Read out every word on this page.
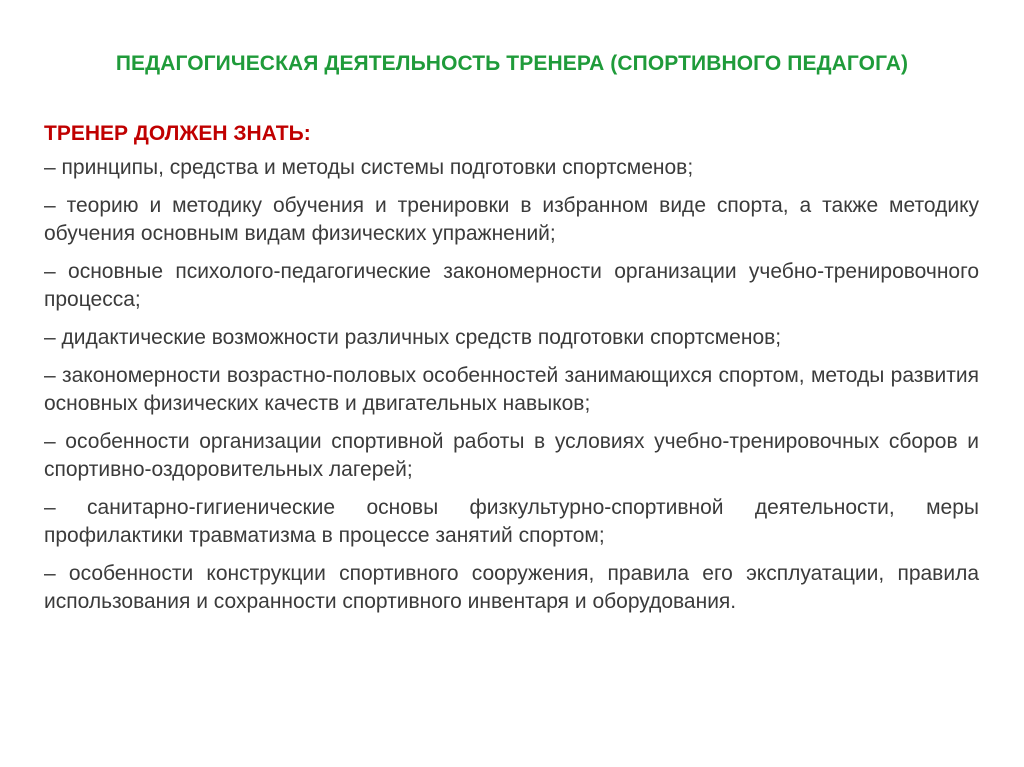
ПЕДАГОГИЧЕСКАЯ ДЕЯТЕЛЬНОСТЬ ТРЕНЕРА (СПОРТИВНОГО ПЕДАГОГА)
ТРЕНЕР ДОЛЖЕН ЗНАТЬ:
– принципы, средства и методы системы подготовки спортсменов;
– теорию и методику обучения и тренировки в избранном виде спорта, а также методику обучения основным видам физических упражнений;
– основные психолого-педагогические закономерности организации учебно-тренировочного процесса;
– дидактические возможности различных средств подготовки спортсменов;
– закономерности возрастно-половых особенностей занимающихся спортом, методы развития основных физических качеств и двигательных навыков;
– особенности организации спортивной работы в условиях учебно-тренировочных сборов и спортивно-оздоровительных лагерей;
– санитарно-гигиенические основы физкультурно-спортивной деятельности, меры профилактики травматизма в процессе занятий спортом;
– особенности конструкции спортивного сооружения, правила его эксплуатации, правила использования и сохранности спортивного инвентаря и оборудования.
